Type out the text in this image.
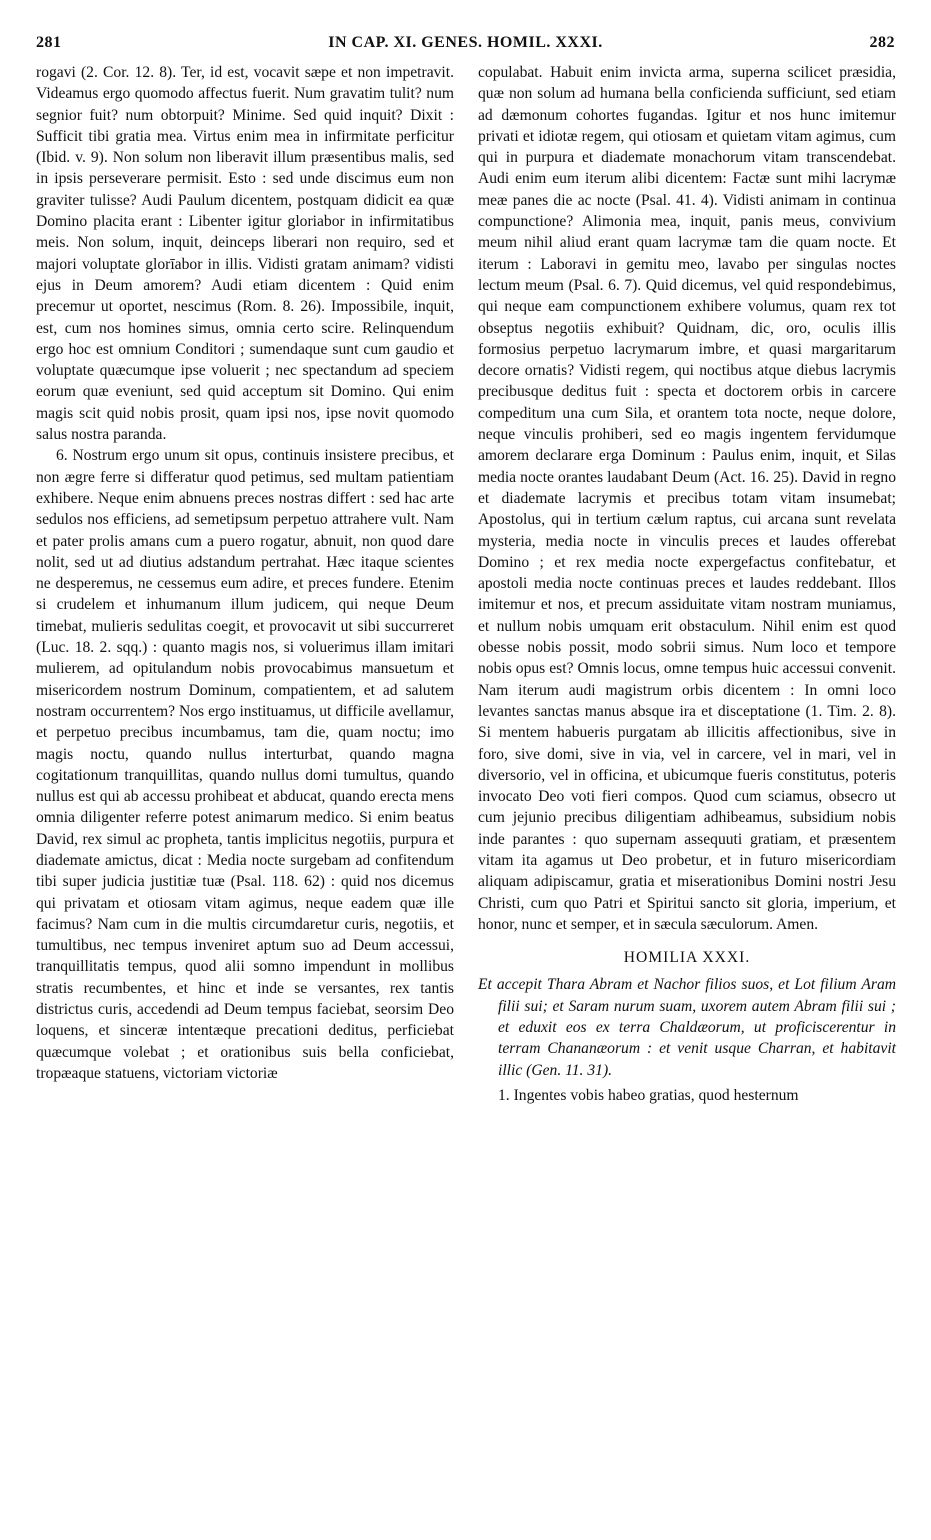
281	IN CAP. XI. GENES. HOMIL. XXXI.	282

rogavi (2. Cor. 12. 8). Ter, id est, vocavit sæpe et non impetravit. Videamus ergo quomodo affectus fuerit. Num gravatim tulit? num segnior fuit? num obtorpuit? Minime. Sed quid inquit? Dixit : Sufficit tibi gratia mea. Virtus enim mea in infirmitate perficitur (Ibid. v. 9). Non solum non liberavit illum præsentibus malis, sed in ipsis perseverare permisit. Esto : sed unde discimus eum non graviter tulisse? Audi Paulum dicentem, postquam didicit ea quæ Domino placita erant : Libenter igitur gloriabor in infirmitatibus meis. Non solum, inquit, deinceps liberari non requiro, sed et majori voluptate glorīabor in illis. Vidisti gratam animam? vidisti ejus in Deum amorem? Audi etiam dicentem : Quid enim precemur ut oportet, nescimus (Rom. 8. 26). Impossibile, inquit, est, cum nos homines simus, omnia certo scire. Relinquendum ergo hoc est omnium Conditori ; sumendaque sunt cum gaudio et voluptate quæcumque ipse voluerit ; nec spectandum ad speciem eorum quæ eveniunt, sed quid acceptum sit Domino. Qui enim magis scit quid nobis prosit, quam ipsi nos, ipse novit quomodo salus nostra paranda.

6. Nostrum ergo unum sit opus, continuis insistere precibus, et non ægre ferre si differatur quod petimus, sed multam patientiam exhibere. Neque enim abnuens preces nostras differt : sed hac arte sedulos nos efficiens, ad semetipsum perpetuo attrahere vult. Nam et pater prolis amans cum a puero rogatur, abnuit, non quod dare nolit, sed ut ad diutius adstandum pertrahat. Hæc itaque scientes ne desperemus, ne cessemus eum adire, et preces fundere. Etenim si crudelem et inhumanum illum judicem, qui neque Deum timebat, mulieris sedulitas coegit, et provocavit ut sibi succurreret (Luc. 18. 2. sqq.) : quanto magis nos, si voluerimus illam imitari mulierem, ad opitulandum nobis provocabimus mansuetum et misericordem nostrum Dominum, compatientem, et ad salutem nostram occurrentem? Nos ergo instituamus, ut difficile avellamur, et perpetuo precibus incumbamus, tam die, quam noctu; imo magis noctu, quando nullus interturbat, quando magna cogitationum tranquillitas, quando nullus domi tumultus, quando nullus est qui ab accessu prohibeat et abducat, quando erecta mens omnia diligenter referre potest animarum medico. Si enim beatus David, rex simul ac propheta, tantis implicitus negotiis, purpura et diademate amictus, dicat : Media nocte surgebam ad confitendum tibi super judicia justitiæ tuæ (Psal. 118. 62) : quid nos dicemus qui privatam et otiosam vitam agimus, neque eadem quæ ille facimus? Nam cum in die multis circumdaretur curis, negotiis, et tumultibus, nec tempus inveniret aptum suo ad Deum accessui, tranquillitatis tempus, quod alii somno impendunt in mollibus stratis recumbentes, et hinc et inde se versantes, rex tantis districtus curis, accedendi ad Deum tempus faciebat, seorsim Deo loquens, et sinceræ intentæque precationi deditus, perficiebat quæcumque volebat ; et orationibus suis bella conficiebat, tropæaque statuens, victoriam victoriæ

copulabat. Habuit enim invicta arma, superna scilicet præsidia, quæ non solum ad humana bella conficienda sufficiunt, sed etiam ad dæmonum cohortes fugandas. Igitur et nos hunc imitemur privati et idiotæ regem, qui otiosam et quietam vitam agimus, cum qui in purpura et diademate monachorum vitam transcendebat. Audi enim eum iterum alibi dicentem: Factæ sunt mihi lacrymæ meæ panes die ac nocte (Psal. 41. 4). Vidisti animam in continua compunctione? Alimonia mea, inquit, panis meus, convivium meum nihil aliud erant quam lacrymæ tam die quam nocte. Et iterum : Laboravi in gemitu meo, lavabo per singulas noctes lectum meum (Psal. 6. 7). Quid dicemus, vel quid respondebimus, qui neque eam compunctionem exhibere volumus, quam rex tot obseptus negotiis exhibuit? Quidnam, dic, oro, oculis illis formosius perpetuo lacrymarum imbre, et quasi margaritarum decore ornatis? Vidisti regem, qui noctibus atque diebus lacrymis precibusque deditus fuit : specta et doctorem orbis in carcere compeditum una cum Sila, et orantem tota nocte, neque dolore, neque vinculis prohiberi, sed eo magis ingentem fervidumque amorem declarare erga Dominum : Paulus enim, inquit, et Silas media nocte orantes laudabant Deum (Act. 16. 25). David in regno et diademate lacrymis et precibus totam vitam insumebat; Apostolus, qui in tertium cælum raptus, cui arcana sunt revelata mysteria, media nocte in vinculis preces et laudes offerebat Domino ; et rex media nocte expergefactus confitebatur, et apostoli media nocte continuas preces et laudes reddebant. Illos imitemur et nos, et precum assiduitate vitam nostram muniamus, et nullum nobis umquam erit obstaculum. Nihil enim est quod obesse nobis possit, modo sobrii simus. Num loco et tempore nobis opus est? Omnis locus, omne tempus huic accessui convenit. Nam iterum audi magistrum orbis dicentem : In omni loco levantes sanctas manus absque ira et disceptatione (1. Tim. 2. 8). Si mentem habueris purgatam ab illicitis affectionibus, sive in foro, sive domi, sive in via, vel in carcere, vel in mari, vel in diversorio, vel in officina, et ubicumque fueris constitutus, poteris invocato Deo voti fieri compos. Quod cum sciamus, obsecro ut cum jejunio precibus diligentiam adhibeamus, subsidium nobis inde parantes : quo supernam assequuti gratiam, et præsentem vitam ita agamus ut Deo probetur, et in futuro misericordiam aliquam adipiscamur, gratia et miserationibus Domini nostri Jesu Christi, cum quo Patri et Spiritui sancto sit gloria, imperium, et honor, nunc et semper, et in sæcula sæculorum. Amen.

HOMILIA XXXI.

Et accepit Thara Abram et Nachor filios suos, et Lot filium Aram filii sui; et Saram nurum suam, uxorem autem Abram filii sui ; et eduxit eos ex terra Chaldæorum, ut proficiscerentur in terram Chananæorum : et venit usque Charran, et habitavit illic (Gen. 11. 31).

1. Ingentes vobis habeo gratias, quod hesternum
